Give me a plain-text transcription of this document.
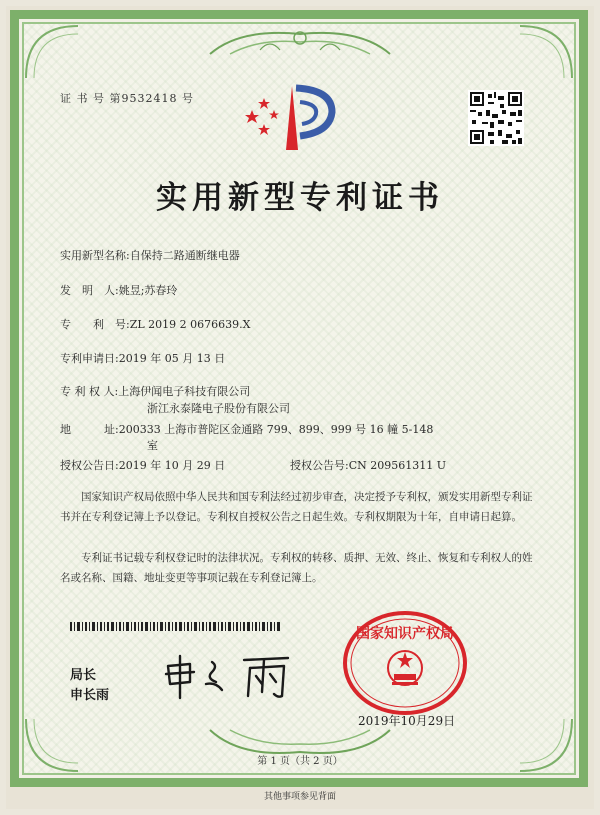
证 书 号 第9532418 号
实用新型专利证书
实用新型名称:自保持二路通断继电器
发　明　人:姚昱;苏春玲
专　　利　号:ZL 2019 2 0676639.X
专利申请日:2019 年 05 月 13 日
专 利 权 人:上海伊闻电子科技有限公司
浙江永泰隆电子股份有限公司
地　　　址:200333 上海市普陀区金通路 799、899、999 号 16 幢 5-148
室
授权公告日:2019 年 10 月 29 日	授权公告号:CN 209561311 U
国家知识产权局依照中华人民共和国专利法经过初步审查，决定授予专利权，颁发实用新型专利证书并在专利登记簿上予以登记。专利权自授权公告之日起生效。专利权期限为十年，自申请日起算。
专利证书记载专利权登记时的法律状况。专利权的转移、质押、无效、终止、恢复和专利权人的姓名或名称、国籍、地址变更等事项记载在专利登记簿上。
局长
申长雨
国家知识产权局
2019年10月29日
第 1 页（共 2 页）
其他事项参见背面
